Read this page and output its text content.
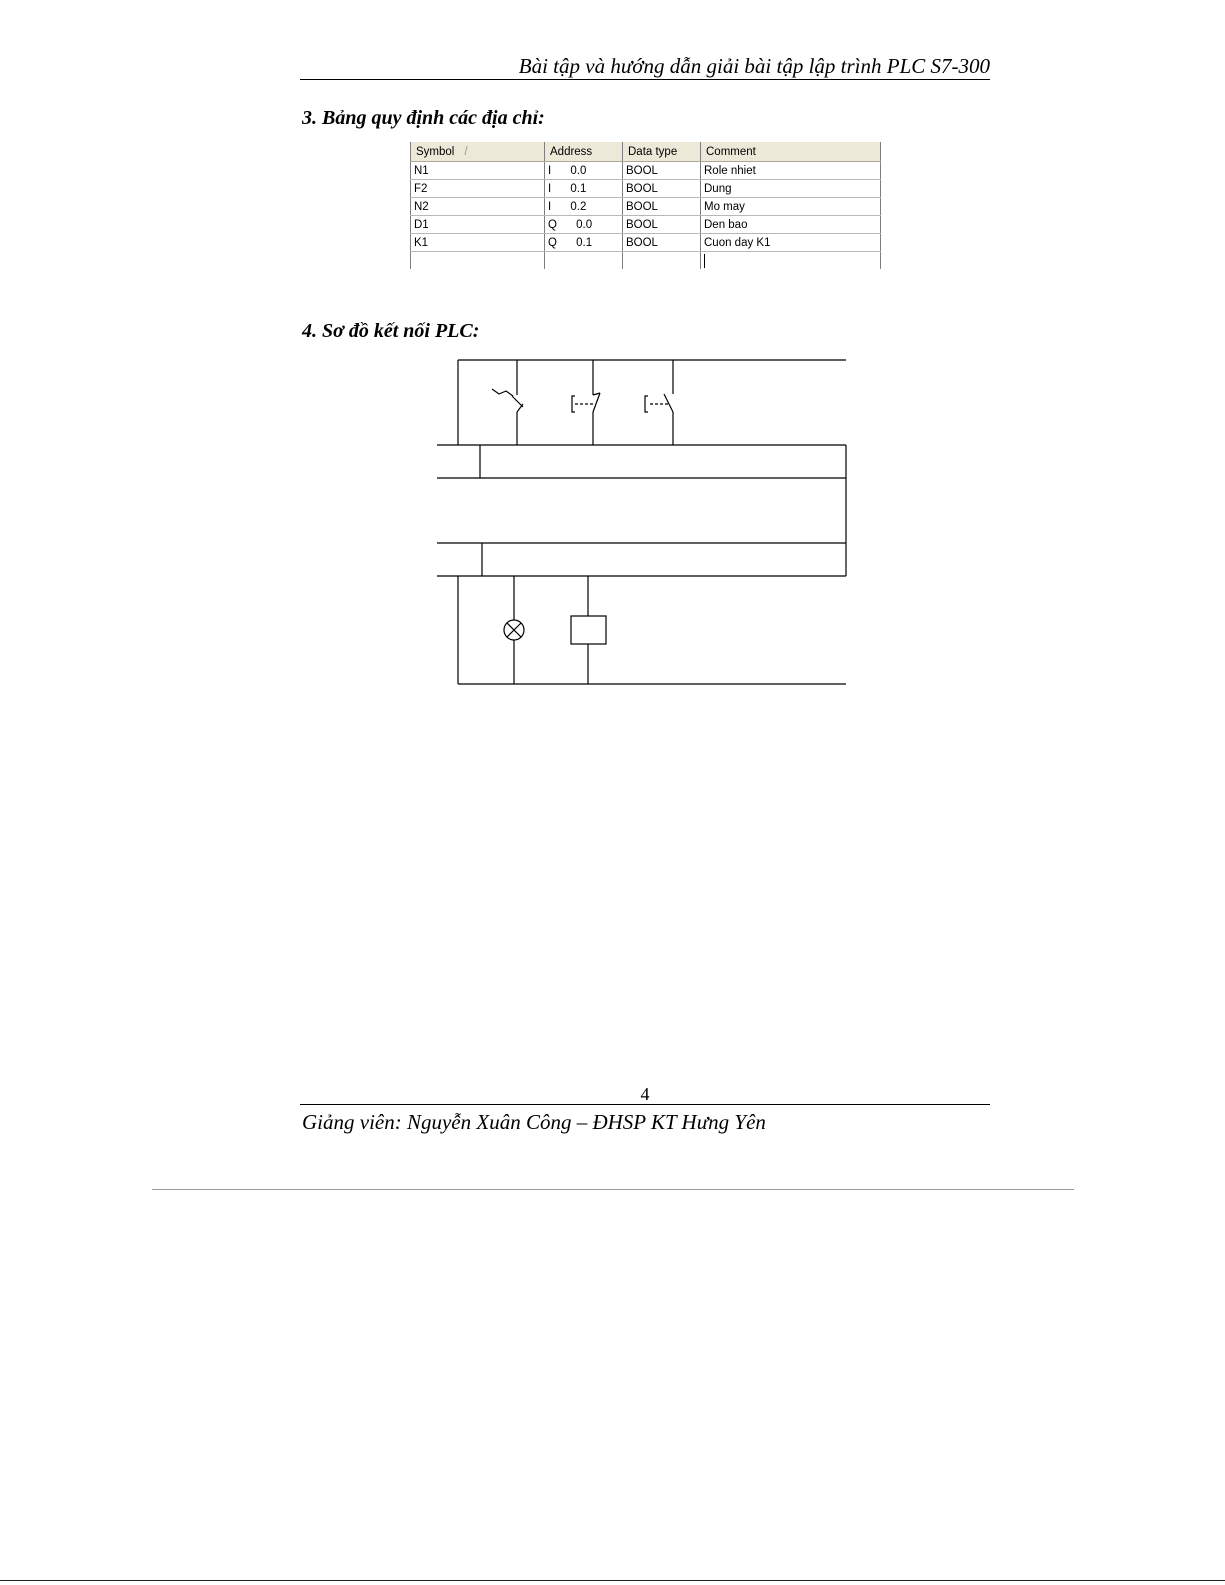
Bài tập và hướng dẫn giải bài tập lập trình PLC S7-300
3. Bảng quy định các địa chỉ:
Symbol /	Address	Data type	Comment
N1	I      0.0	BOOL	Role nhiet
F2	I      0.1	BOOL	Dung
N2	I      0.2	BOOL	Mo may
D1	Q      0.0	BOOL	Den bao
K1	Q      0.1	BOOL	Cuon day K1

4. Sơ đồ kết nối PLC:
4
Giảng viên: Nguyễn Xuân Công – ĐHSP KT Hưng Yên
